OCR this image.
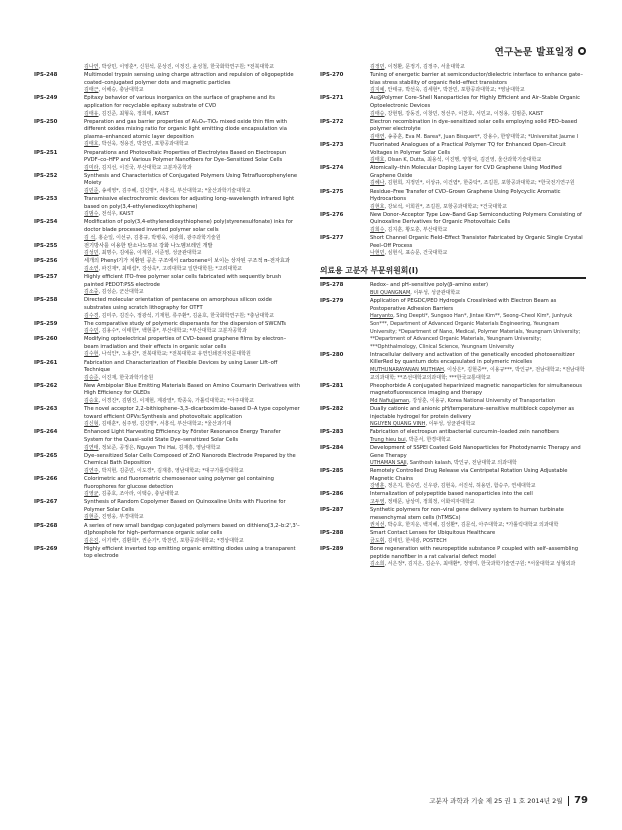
연구논문 발표일정
김나연, 박상민, 이영훈*, 신원석, 문상진, 이정진, 윤성철, 한국화학연구원; *전북대학교
IPS-248	Multimodel trypsin sensing using charge attraction and repulsion of oligopeptide coated–conjugated polymer dots and magnetic particles
김태근, 이해승, 충남대학교
IPS-249	Epitaxy behavior of various inorganics on the surface of graphene and its application for recyclable epitaxy substrate of CVD
김태유, 김진준, 최형욱, 정희태, KAIST
IPS-250	Preparation and gas barrier properties of Al₂O₃–TiO₂ mixed oxide thin film with different oxides mixing ratio for organic light emitting diode encapsulation via plasma–enhanced atomic layer deposition
김태호, 박선욱, 정용진, 박찬민, 포항공과대학교
IPS-251	Preparations and Photovoltaic Properties of Electrolytes Based on Electrospun PVDF–co–HFP and Various Polymer Nanofibers for Dye–Sensitized Solar Cells
김미라, 김지선, 이진국, 부산대학교 고분자공학과
IPS-252	Synthesis and Characteristics of Conjugated Polymers Using Tetrafluorophenylene Moiety
김민준, 송세영*, 김주혜, 김진명*, 서흥석, 부산대학교; *울산과학기술대학교
IPS-253	Transmissive electrochromic devices for adjusting long–wavelength infrared light based on poly(3,4-ethylenedioxythiophene)
김범수, 전석우, KAIST
IPS-254	Modification of poly(3,4-ethylenedioxythiophene) poly(styrenesulfonate) inks for doctor blade processed inverted polymer solar cells
김 석, 홍순일, 이선규, 김흥규, 박병욱, 이광희, 광주과학기술원
IPS-255	전기방사를 이용한 탄소나노튜브 강화 나노멤브레인 개발
김성민, 최명수, 김예을, 이계원, 이준영, 성균관대학교
IPS-256	세개의 Phenyl기가 치환된 공은 구조에서 carbonene이 보이는 상자된 구조적 π–전자효과
김소연, 파진재*, 최태섭*, 강상욱*, 고려대학교 일반대학원; *고려대학교
IPS-257	Highly efficient ITO–free polymer solar cells fabricated with sequently brush painted PEDOT:PSS electrode
김소중, 김성순, 군산대학교
IPS-258	Directed molecular orientation of pentacene on amorphous silicon oxide substrates using scratch lithography for OTFT
김수경, 김미주, 김진수, 정광석, 기재현, 류주환*, 김윤호, 한국화학연구원; *충남대학교
IPS-259	The comparative study of polymeric dispersants for the dispersion of SWCNTs
김수민, 김용수*, 이태한*, 백현종*, 부산대학교; *부산대학교 고분자공학과
IPS-260	Modifying optoelectrical properties of CVD–based graphene films by electron–beam irradiation and their effects in organic solar cells
김수현, 나석인*, 노용진*, 전북대학교; *전북대학교 유연인쇄전자전문대학원
IPS-261	Fabrication and Characterization of Flexible Devices by using Laser Lift–off Technique
김승준, 이진재, 한국과학기술원
IPS-262	New Ambipolar Blue Emitting Materials Based on Amino Coumarin Derivatives with High Efficiency for OLEDs
김승효, 이경진*, 김범진, 이재현, 계광열*, 박종욱, 가톨릭대학교; *아주대학교
IPS-263	The novel acceptor 2,2–bithiophene–3,3–dicarboximide–based D–A type copolymer toward efficient OPVs:Synthesis and photovoltaic application
김신형, 김태훈*, 심주영, 김진명*, 서흥석, 부산대학교; *울산과기대
IPS-264	Enhanced Light Harvesting Efficiency by Förster Resonance Energy Transfer System for the Quasi–solid State Dye–sensitized Solar Cells
김연태, 정보준, 공정은, Nguyen Thi Hai, 김재흥, 영남대학교
IPS-265	Dye–sensitized Solar Cells Composed of ZnO Nanorods Electrode Prepared by the Chemical Bath Deposition
김연주, 박지현, 김준민, 이도경*, 김재흥, 영남대학교; *대구가톨릭대학교
IPS-266	Colorimetric and fluorometric chemosensor using polymer gel containing fluorophores for glucose detection
김영균, 김종호, 조아라, 이택승, 충남대학교
IPS-267	Synthesis of Random Copolymer Based on Quinoxaline Units with Fluorine for Polymer Solar Cells
김현준, 진영웅, 부경대학교
IPS-268	A series of new small bandgap conjugated polymers based on dithieno[3,2–b:2',3'–d]phosphole for high–performance organic solar cells
김은진, 이기백*, 김환희*, 권순기*, 박찬민, 포항공과대학교; *경상대학교
IPS-269	Highly efficient inverted top emitting organic emitting diodes using a transparent top electrode
김정민, 이정환, 문정기, 김정주, 서울대학교
IPS-270	Tuning of energetic barrier at semiconductor/dielectric interface to enhance gate–bias stress stability of organic field–effect transistors
김지예, 안태규, 박선욱, 김세현*, 박찬민, 포항공과대학교; *영남대학교
IPS-271	Au@Polymer Core–Shell Nanoparticles for Highly Efficient and Air–Stable Organic Optoelectronic Devices
김태승, 강현범, 강동진, 이창민, 정선주, 이찬호, 서민교, 이정용, 김범준, KAIST
IPS-272	Electron recombination in dye–sensitized solar cells employing solid PEO–based polymer electrolyte
김태연, 송종훈, Eva M. Barea*, Juan Bisquert*, 강용수, 한양대학교; *Universitat Jaume I
IPS-273	Fluorinated Analogues of a Practical Polymer TQ for Enhanced Open–Circuit Voltages in Polymer Solar Cells
김태호, Olsan K, Dutta, 최용석, 이진행, 양창덕, 김진영, 울산과학기술대학교
IPS-274	Atomically–thin Molecular Doping Layer for CVD Graphene Using Modified Graphene Oxide
김혜나, 김현희, 지정민*, 이상규, 이건엽*, 한중탁*, 조길원, 포항공과대학교; *한국전기연구원
IPS-275	Residue–Free Transfer of CVD–Grown Graphene Using Polycyclic Aromatic Hydrocarbons
김현호, 강보석, 이희원*, 조길원, 포항공과대학교; *건국대학교
IPS-276	New Donor–Acceptor Type Low–Band Gap Semiconducting Polymers Consisting of Quinoxaline Derivatives for Organic Photovoltaic Cells
김희수, 김지훈, 황도훈, 부산대학교
IPS-277	Short Channel Organic Field–Effect Transistor Fabricated by Organic Single Crystal Peel–Off Process
나현민, 심현식, 표승문, 건국대학교
의료용 고분자 부문위원회(I)
IPS-278	Redox– and pH–sensitive poly(β–amino ester)
BUI QUANGNAM, 이두성, 성균관대학교
IPS-279	Application of PEGDC/PEO Hydrogels Crosslinked with Electron Beam as Postoperative Adhesion Barriers
Haryanto, Sing Deepti*, Sungsoo Han*, Jintae Kim**, Seong–Cheol Kim*, Junhyuk Son***, Department of Advanced Organic Materials Engineering, Yeungnam University; *Department of Nano, Medical, Polymer Materials, Yeungnam University; **Department of Advanced Organic Materials, Yeungnam University; ***Ophthalmology, Clinical Science, Yeungnam University
IPS-280	Intracellular delivery and activation of the genetically encoded photosensitizer KillerRed by quantum dots encapsulated in polymeric micelles
MUTHUNARAYANAN MUTHIAH, 이상은*, 김현중**, 이용규***, 박인규*, 전남대학교; *전남대학교의과대학; **조선대학교의과대학; ***한국교통대학교
IPS-281	Pheophorbide A conjugated heparinized magnetic nanoparticles for simultaneous magnetofluorescence imaging and therapy
Md Nafiujjaman, 강성훈, 이용규, Korea National University of Transportation
IPS-282	Dually cationic and anionic pH/temperature–sensitive multiblock copolymer as injectable hydrogel for protein delivery
NGUYEN QUANG VINH, 이두성, 성균관대학교
IPS-283	Fabrication of electrospun antibacterial curcumin–loaded zein nanofibers
Trung hieu bui, 박준서, 한경대학교
IPS-284	Development of SSPEI Coated Gold Nanoparticles for Photodynamic Therapy and Gene Therapy
UTHAMAN SAJI, Santhosh kalash, 박인규, 전남대학교 의과대학
IPS-285	Remotely Controlled Drug Release via Centripetal Rotation Using Adjustable Magnetic Chains
강병훈, 정은지, 한승민, 신우광, 김현욱, 서진석, 허용민, 함승주, 연세대학교
IPS-286	Internalization of polypeptide based nanoparticles into the cell
고두영, 정태문, 남상미, 정희정, 이화여자대학교
IPS-287	Synthetic polymers for non–viral gene delivery system to human turbinate mesenchymal stem cells (hTMSCs)
권치선, 박승호, 한지운, 백지혜, 김성환*, 김문석, 아주대학교; *가톨릭대학교 의과대학
IPS-288	Smart Contact Lenses for Ubiquitous Healthcare
금도휘, 김태민, 한세광, POSTECH
IPS-289	Bone regeneration with neuropeptide substance P coupled with self–assembling peptide nanofiber in a rat calvarial defect model
김소희, 서은정*, 김지은, 김순우, 최태환*, 정영미, 한국과학기술연구원; *서울대학교 성형외과
고분자 과학과 기술 제 25 권 1 호 2014년 2월 79
